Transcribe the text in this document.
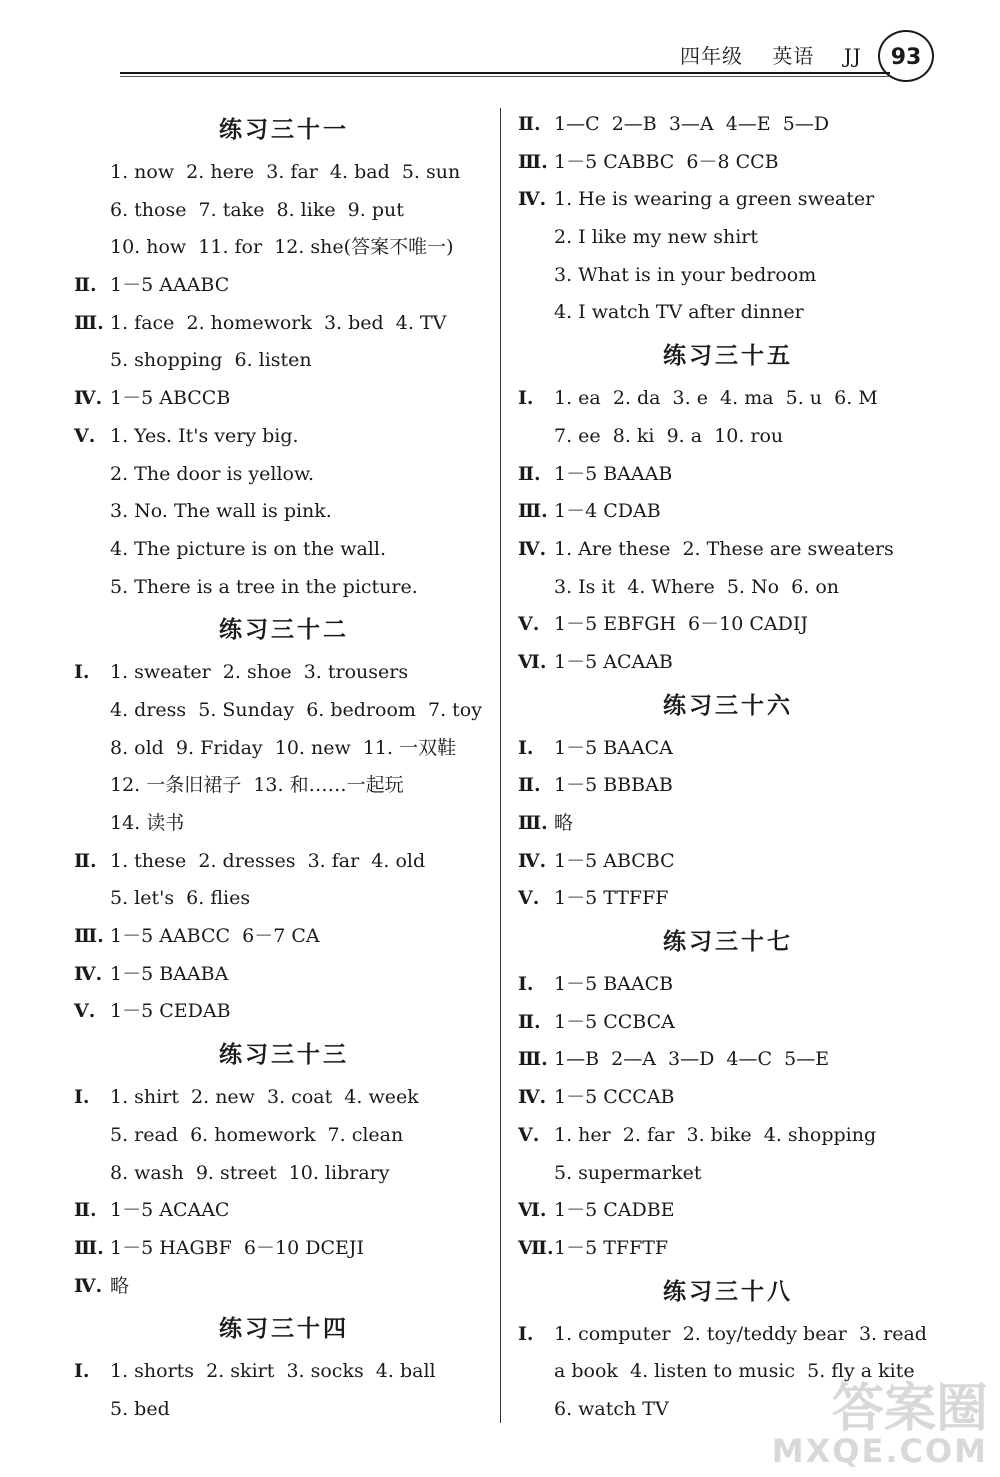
四年级 英语 JJ	93
练习三十一
1. now  2. here  3. far  4. bad  5. sun
6. those  7. take  8. like  9. put
10. how  11. for  12. she(答案不唯一)
Ⅱ. 1－5 AAABC
Ⅲ. 1. face  2. homework  3. bed  4. TV
5. shopping  6. listen
Ⅳ. 1－5 ABCCB
Ⅴ. 1. Yes. It's very big.
2. The door is yellow.
3. No. The wall is pink.
4. The picture is on the wall.
5. There is a tree in the picture.
练习三十二
Ⅰ. 1. sweater  2. shoe  3. trousers
4. dress  5. Sunday  6. bedroom  7. toy
8. old  9. Friday  10. new  11. 一双鞋
12. 一条旧裙子  13. 和……一起玩
14. 读书
Ⅱ. 1. these  2. dresses  3. far  4. old
5. let's  6. flies
Ⅲ. 1－5 AABCC  6－7 CA
Ⅳ. 1－5 BAABA
Ⅴ. 1－5 CEDAB
练习三十三
Ⅰ. 1. shirt  2. new  3. coat  4. week
5. read  6. homework  7. clean
8. wash  9. street  10. library
Ⅱ. 1－5 ACAAC
Ⅲ. 1－5 HAGBF  6－10 DCEJI
Ⅳ. 略
练习三十四
Ⅰ. 1. shorts  2. skirt  3. socks  4. ball
5. bed
Ⅱ. 1—C  2—B  3—A  4—E  5—D
Ⅲ. 1－5 CABBC  6－8 CCB
Ⅳ. 1. He is wearing a green sweater
2. I like my new shirt
3. What is in your bedroom
4. I watch TV after dinner
练习三十五
Ⅰ. 1. ea  2. da  3. e  4. ma  5. u  6. M
7. ee  8. ki  9. a  10. rou
Ⅱ. 1－5 BAAAB
Ⅲ. 1－4 CDAB
Ⅳ. 1. Are these  2. These are sweaters
3. Is it  4. Where  5. No  6. on
Ⅴ. 1－5 EBFGH  6－10 CADIJ
Ⅵ. 1－5 ACAAB
练习三十六
Ⅰ. 1－5 BAACA
Ⅱ. 1－5 BBBAB
Ⅲ. 略
Ⅳ. 1－5 ABCBC
Ⅴ. 1－5 TTFFF
练习三十七
Ⅰ. 1－5 BAACB
Ⅱ. 1－5 CCBCA
Ⅲ. 1—B  2—A  3—D  4—C  5—E
Ⅳ. 1－5 CCCAB
Ⅴ. 1. her  2. far  3. bike  4. shopping
5. supermarket
Ⅵ. 1－5 CADBE
Ⅶ.1－5 TFFTF
练习三十八
Ⅰ. 1. computer  2. toy/teddy bear  3. read
a book  4. listen to music  5. fly a kite
6. watch TV	答案圈
MXQE.COM
